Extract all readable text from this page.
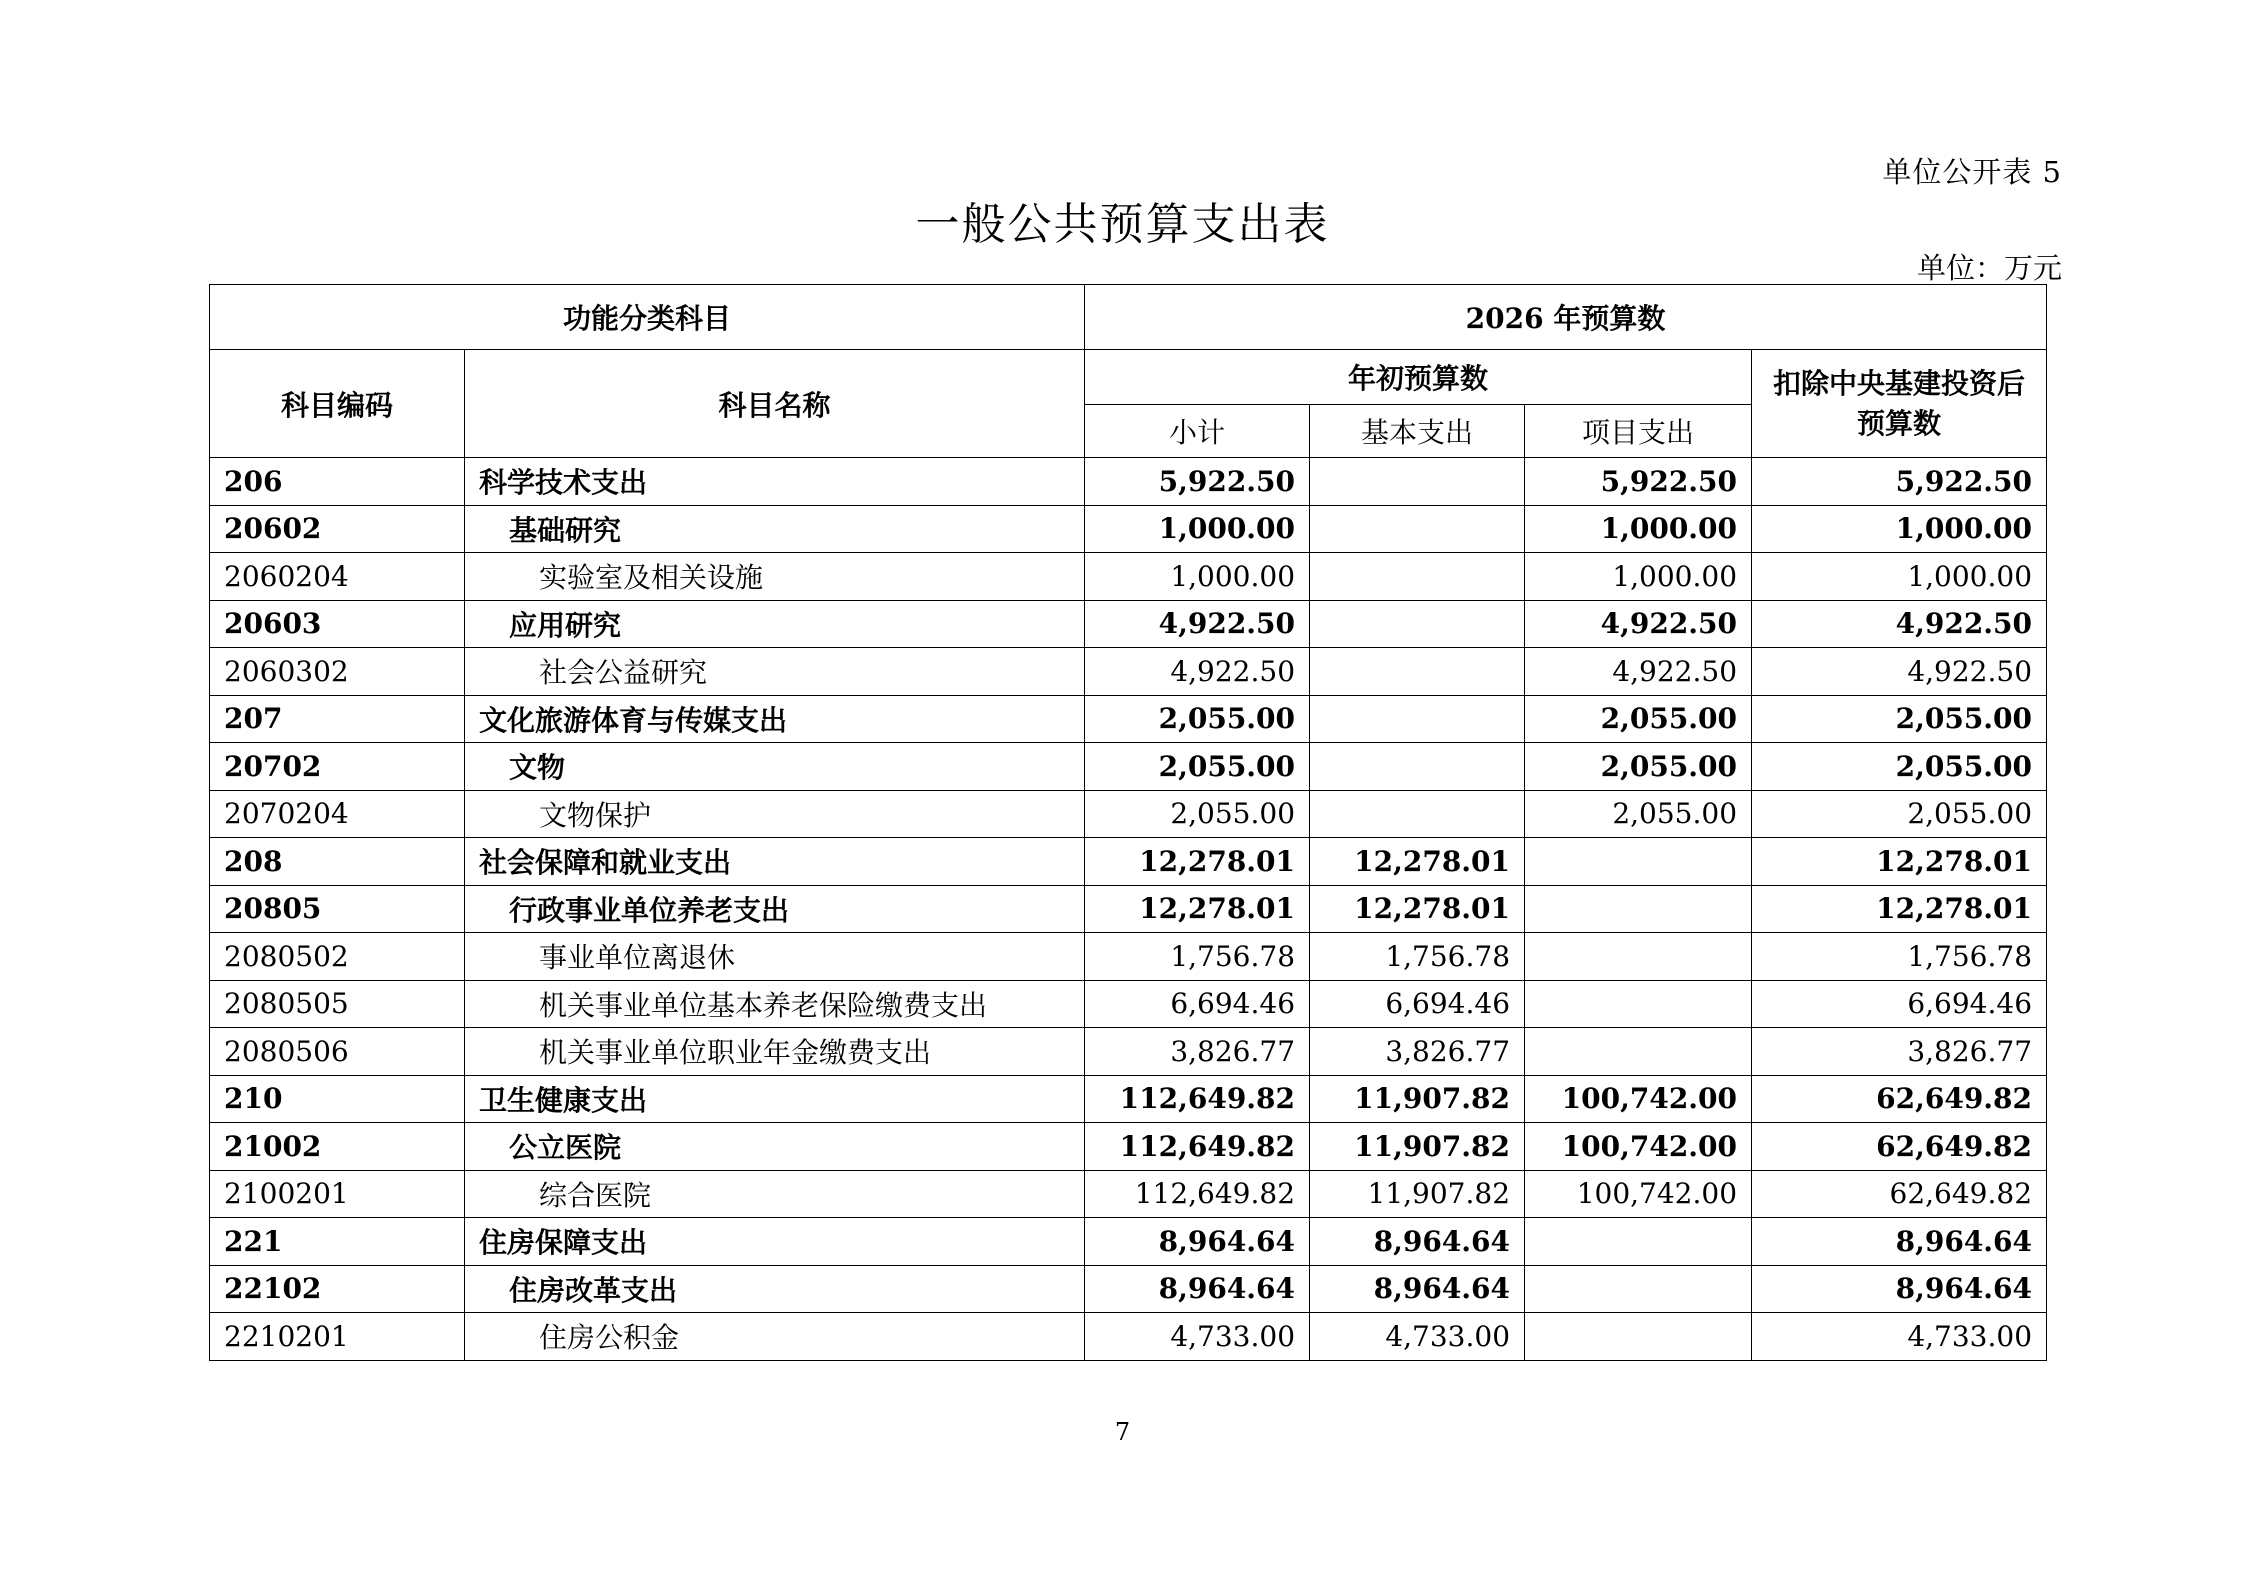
单位公开表 5
一般公共预算支出表
单位：万元
功能分类科目		2026 年预算数			
科目编码	科目名称	年初预算数			扣除中央基建投资后预算数
		小计	基本支出	项目支出	
206	科学技术支出	5,922.50		5,922.50	5,922.50
20602	基础研究	1,000.00		1,000.00	1,000.00
2060204	实验室及相关设施	1,000.00		1,000.00	1,000.00
20603	应用研究	4,922.50		4,922.50	4,922.50
2060302	社会公益研究	4,922.50		4,922.50	4,922.50
207	文化旅游体育与传媒支出	2,055.00		2,055.00	2,055.00
20702	文物	2,055.00		2,055.00	2,055.00
2070204	文物保护	2,055.00		2,055.00	2,055.00
208	社会保障和就业支出	12,278.01	12,278.01		12,278.01
20805	行政事业单位养老支出	12,278.01	12,278.01		12,278.01
2080502	事业单位离退休	1,756.78	1,756.78		1,756.78
2080505	机关事业单位基本养老保险缴费支出	6,694.46	6,694.46		6,694.46
2080506	机关事业单位职业年金缴费支出	3,826.77	3,826.77		3,826.77
210	卫生健康支出	112,649.82	11,907.82	100,742.00	62,649.82
21002	公立医院	112,649.82	11,907.82	100,742.00	62,649.82
2100201	综合医院	112,649.82	11,907.82	100,742.00	62,649.82
221	住房保障支出	8,964.64	8,964.64		8,964.64
22102	住房改革支出	8,964.64	8,964.64		8,964.64
2210201	住房公积金	4,733.00	4,733.00		4,733.00
7
